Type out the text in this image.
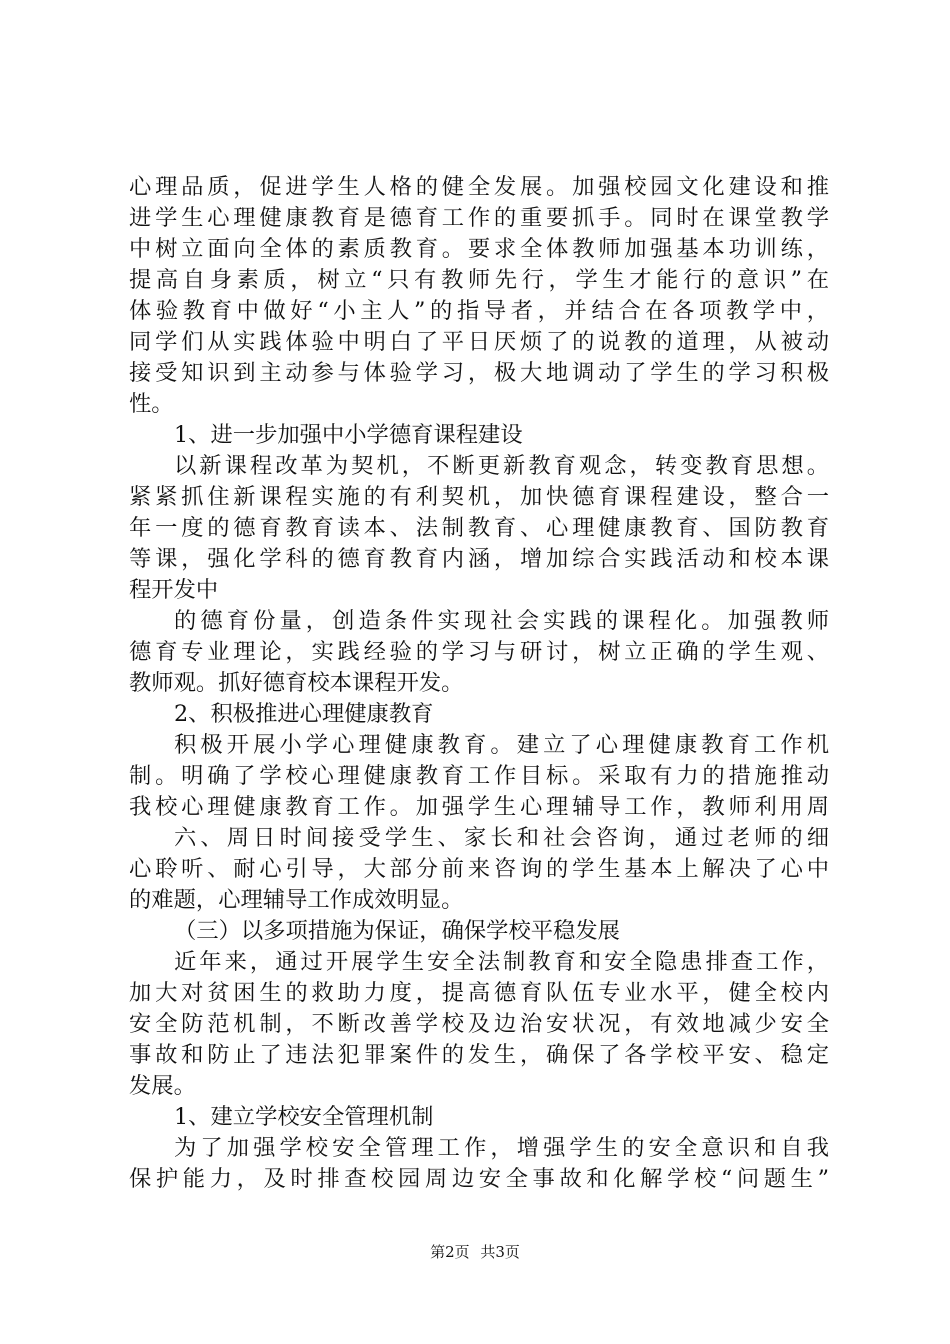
心理品质，促进学生人格的健全发展。加强校园文化建设和推
进学生心理健康教育是德育工作的重要抓手。同时在课堂教学
中树立面向全体的素质教育。要求全体教师加强基本功训练，
提高自身素质，树立“只有教师先行，学生才能行的意识”在
体验教育中做好“小主人”的指导者，并结合在各项教学中，
同学们从实践体验中明白了平日厌烦了的说教的道理，从被动
接受知识到主动参与体验学习，极大地调动了学生的学习积极
性。
1、进一步加强中小学德育课程建设
以新课程改革为契机，不断更新教育观念，转变教育思想。
紧紧抓住新课程实施的有利契机，加快德育课程建设，整合一
年一度的德育教育读本、法制教育、心理健康教育、国防教育
等课，强化学科的德育教育内涵，增加综合实践活动和校本课
程开发中
的德育份量，创造条件实现社会实践的课程化。加强教师
德育专业理论，实践经验的学习与研讨，树立正确的学生观、
教师观。抓好德育校本课程开发。
2、积极推进心理健康教育
积极开展小学心理健康教育。建立了心理健康教育工作机
制。明确了学校心理健康教育工作目标。采取有力的措施推动
我校心理健康教育工作。加强学生心理辅导工作，教师利用周
六、周日时间接受学生、家长和社会咨询，通过老师的细
心聆听、耐心引导，大部分前来咨询的学生基本上解决了心中
的难题，心理辅导工作成效明显。
（三）以多项措施为保证，确保学校平稳发展
近年来，通过开展学生安全法制教育和安全隐患排查工作，
加大对贫困生的救助力度，提高德育队伍专业水平，健全校内
安全防范机制，不断改善学校及边治安状况，有效地减少安全
事故和防止了违法犯罪案件的发生，确保了各学校平安、稳定
发展。
1、建立学校安全管理机制
为了加强学校安全管理工作，增强学生的安全意识和自我
保护能力，及时排查校园周边安全事故和化解学校“问题生”
第2页 共3页
